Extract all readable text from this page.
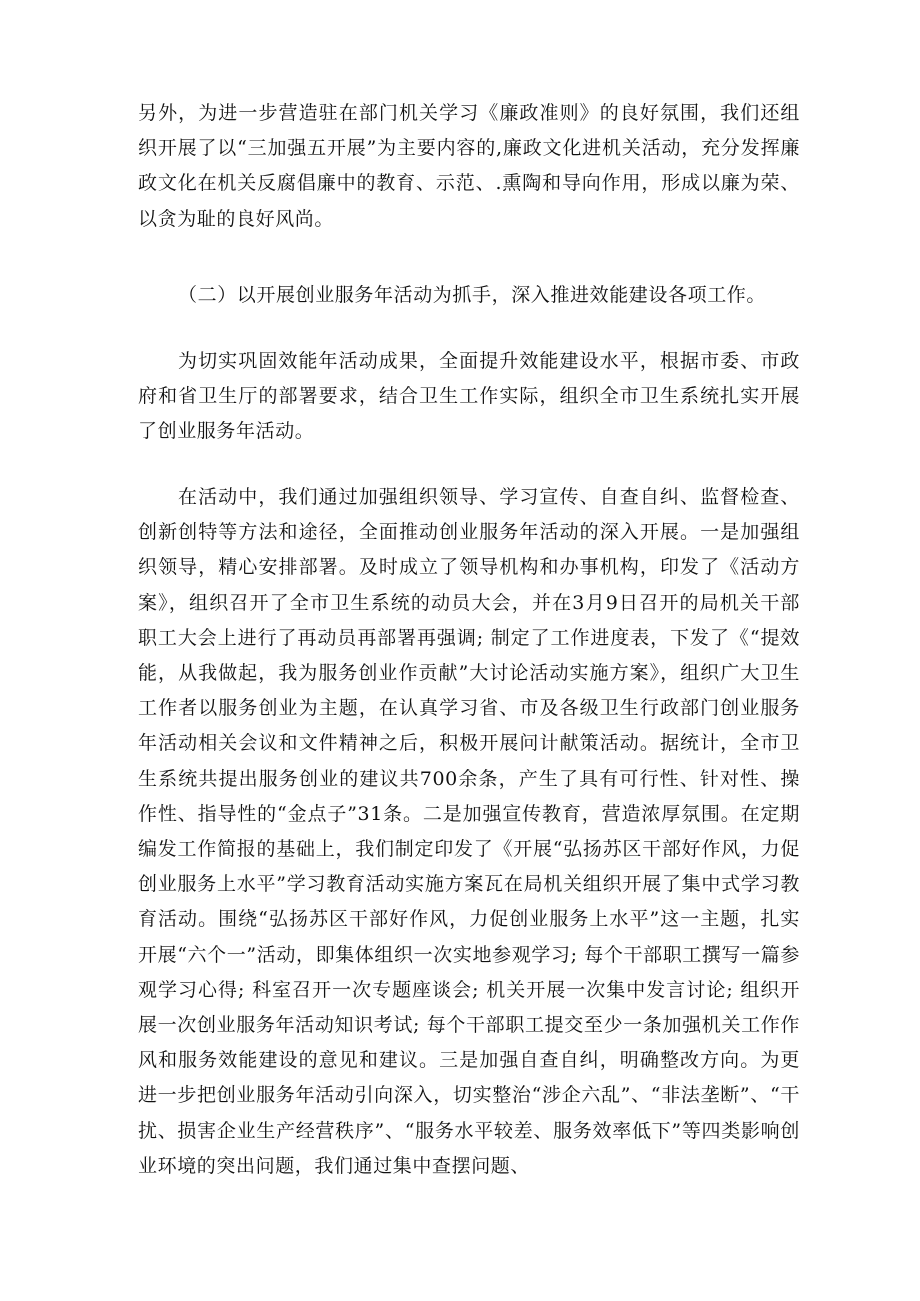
另外，为进一步营造驻在部门机关学习《廉政准则》的良好氛围，我们还组织开展了以“三加强五开展”为主要内容的,廉政文化进机关活动，充分发挥廉政文化在机关反腐倡廉中的教育、示范、.熏陶和导向作用，形成以廉为荣、以贪为耻的良好风尚。

（二）以开展创业服务年活动为抓手，深入推进效能建设各项工作。

为切实巩固效能年活动成果，全面提升效能建设水平，根据市委、市政府和省卫生厅的部署要求，结合卫生工作实际，组织全市卫生系统扎实开展了创业服务年活动。

在活动中，我们通过加强组织领导、学习宣传、自查自纠、监督检查、创新创特等方法和途径，全面推动创业服务年活动的深入开展。一是加强组织领导，精心安排部署。及时成立了领导机构和办事机构，印发了《活动方案》，组织召开了全市卫生系统的动员大会，并在3月9日召开的局机关干部职工大会上进行了再动员再部署再强调; 制定了工作进度表，下发了《“提效能，从我做起，我为服务创业作贡献”大讨论活动实施方案》，组织广大卫生工作者以服务创业为主题，在认真学习省、市及各级卫生行政部门创业服务年活动相关会议和文件精神之后，积极开展问计献策活动。据统计，全市卫生系统共提出服务创业的建议共700余条，产生了具有可行性、针对性、操作性、指导性的“金点子”31条。二是加强宣传教育，营造浓厚氛围。在定期编发工作简报的基础上，我们制定印发了《开展“弘扬苏区干部好作风，力促创业服务上水平”学习教育活动实施方案瓦在局机关组织开展了集中式学习教育活动。围绕“弘扬苏区干部好作风，力促创业服务上水平”这一主题，扎实开展“六个一”活动，即集体组织一次实地参观学习; 每个干部职工撰写一篇参观学习心得; 科室召开一次专题座谈会; 机关开展一次集中发言讨论; 组织开展一次创业服务年活动知识考试; 每个干部职工提交至少一条加强机关工作作风和服务效能建设的意见和建议。三是加强自查自纠，明确整改方向。为更进一步把创业服务年活动引向深入，切实整治“涉企六乱”、“非法垄断”、“干扰、损害企业生产经营秩序”、“服务水平较差、服务效率低下”等四类影响创业环境的突出问题，我们通过集中查摆问题、
